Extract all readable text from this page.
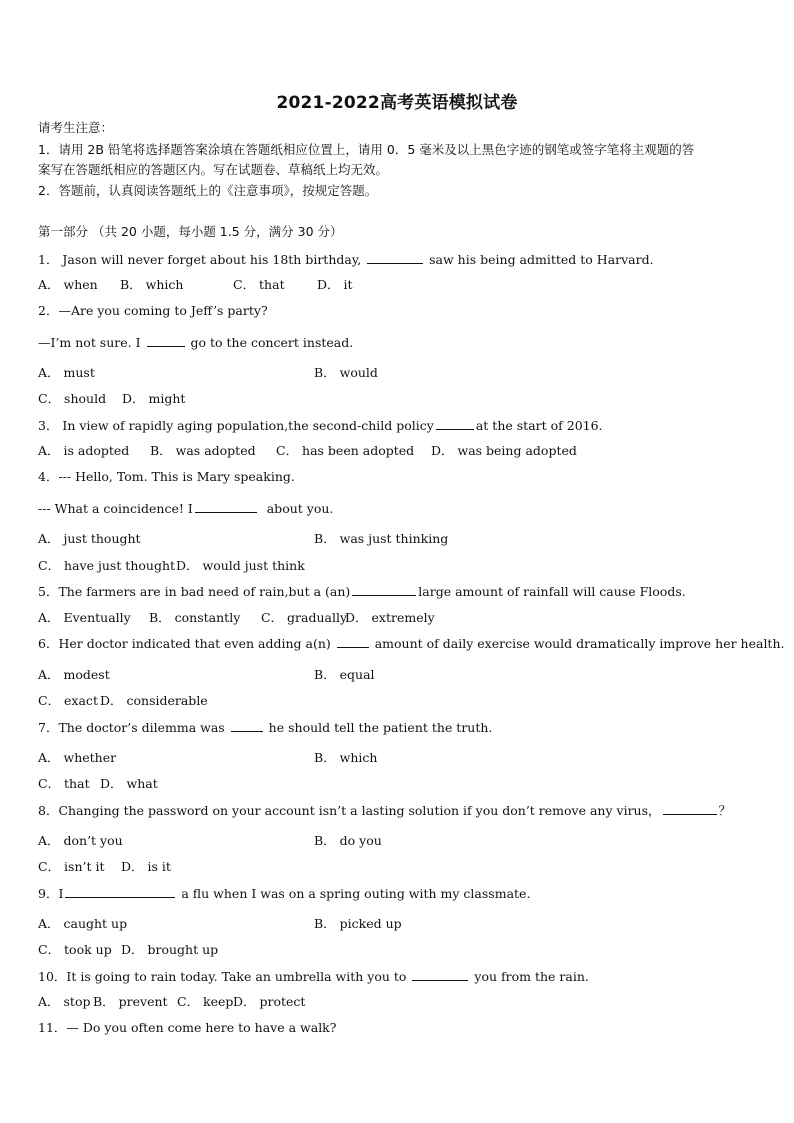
2021-2022高考英语模拟试卷
请考生注意：
1．请用 2B 铅笔将选择题答案涂填在答题纸相应位置上，请用 0．5 毫米及以上黑色字迹的钢笔或签字笔将主观题的答
案写在答题纸相应的答题区内。写在试题卷、草稿纸上均无效。
2．答题前，认真阅读答题纸上的《注意事项》，按规定答题。
第一部分 （共 20 小题，每小题 1.5 分，满分 30 分）
1． Jason will never forget about his 18th birthday,	saw his being admitted to Harvard.
A． when B． which	C． that	D． it
2．—Are you coming to Jeff’s party?
—I’m not sure. I	go to the concert instead.
A． must	B． would
C． should D． might
3． In view of rapidly aging population,the second-child policy	at the start of 2016.
A． is adopted B． was adopted C． has been adopted D． was being adopted
4．--- Hello, Tom. This is Mary speaking.
--- What a coincidence! I	about you.
A． just thought	B． was just thinking
C． have just thoughtD． would just think
5．The farmers are in bad need of rain,but a (an)	large amount of rainfall will cause Floods.
A． Eventually B． constantly C． graduallyD． extremely
6．Her doctor indicated that even adding a(n)	amount of daily exercise would dramatically improve her health.
A． modest	B． equal
C． exact D． considerable
7．The doctor’s dilemma was	he should tell the patient the truth.
A． whether	B． which
C． that D． what
8．Changing the password on your account isn’t a lasting solution if you don’t remove any virus，	？
A． don’t you	B． do you
C． isn’t it D． is it
9．I	a flu when I was on a spring outing with my classmate.
A． caught up	B． picked up
C． took up D． brought up
10．It is going to rain today. Take an umbrella with you to	you from the rain.
A． stop B． prevent C． keepD． protect
11．— Do you often come here to have a walk?
